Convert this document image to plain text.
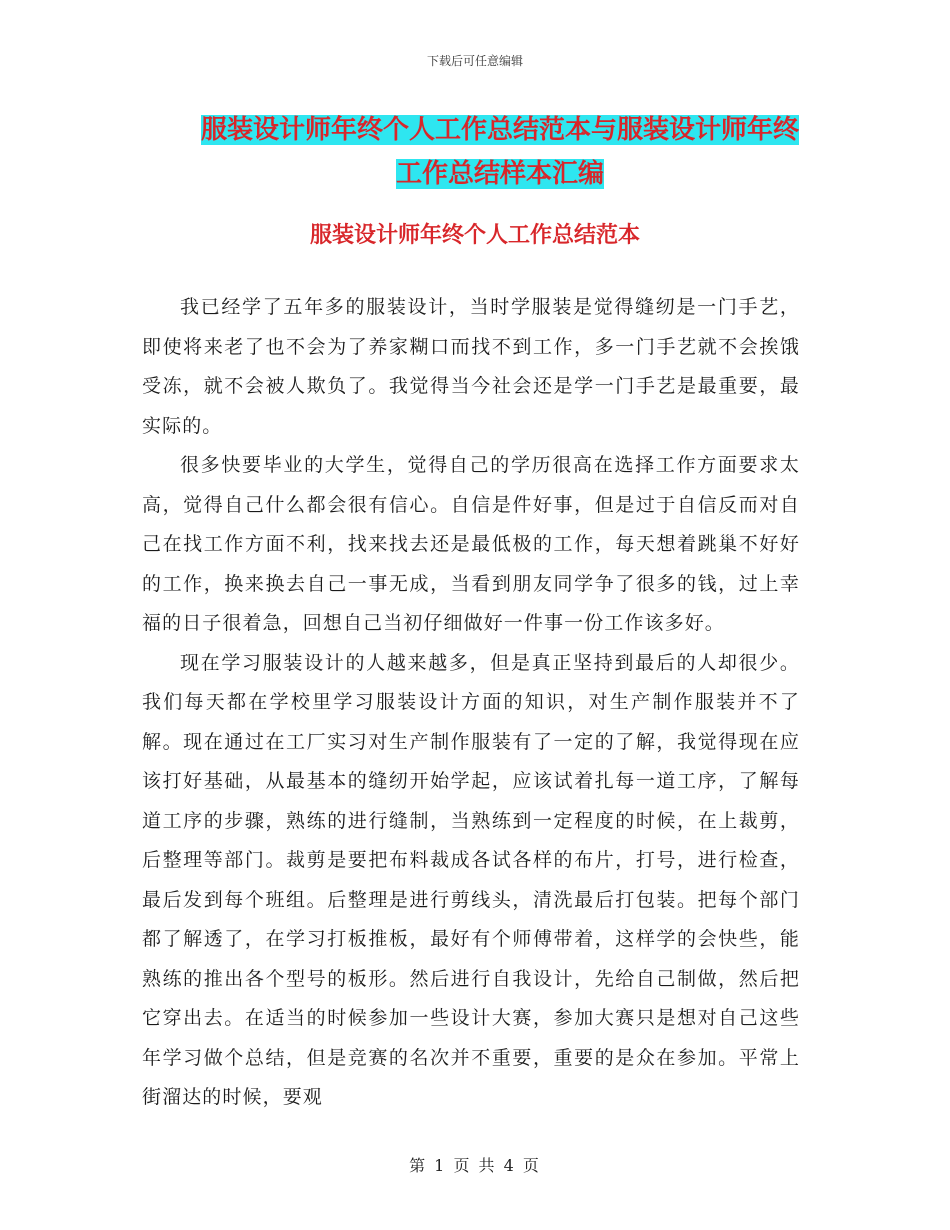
下载后可任意编辑
服装设计师年终个人工作总结范本与服装设计师年终
工作总结样本汇编
服装设计师年终个人工作总结范本

我已经学了五年多的服装设计，当时学服装是觉得缝纫是一门手艺，即使将来老了也不会为了养家糊口而找不到工作，多一门手艺就不会挨饿受冻，就不会被人欺负了。我觉得当今社会还是学一门手艺是最重要，最实际的。

很多快要毕业的大学生，觉得自己的学历很高在选择工作方面要求太高，觉得自己什么都会很有信心。自信是件好事，但是过于自信反而对自己在找工作方面不利，找来找去还是最低极的工作，每天想着跳巢不好好的工作，换来换去自己一事无成，当看到朋友同学争了很多的钱，过上幸福的日子很着急，回想自己当初仔细做好一件事一份工作该多好。

现在学习服装设计的人越来越多，但是真正坚持到最后的人却很少。我们每天都在学校里学习服装设计方面的知识，对生产制作服装并不了解。现在通过在工厂实习对生产制作服装有了一定的了解，我觉得现在应该打好基础，从最基本的缝纫开始学起，应该试着扎每一道工序，了解每道工序的步骤，熟练的进行缝制，当熟练到一定程度的时候，在上裁剪，后整理等部门。裁剪是要把布料裁成各试各样的布片，打号，进行检查，最后发到每个班组。后整理是进行剪线头，清洗最后打包装。把每个部门都了解透了，在学习打板推板，最好有个师傅带着，这样学的会快些，能熟练的推出各个型号的板形。然后进行自我设计，先给自己制做，然后把它穿出去。在适当的时候参加一些设计大赛，参加大赛只是想对自己这些年学习做个总结，但是竞赛的名次并不重要，重要的是众在参加。平常上街溜达的时候，要观

第 1 页 共 4 页
